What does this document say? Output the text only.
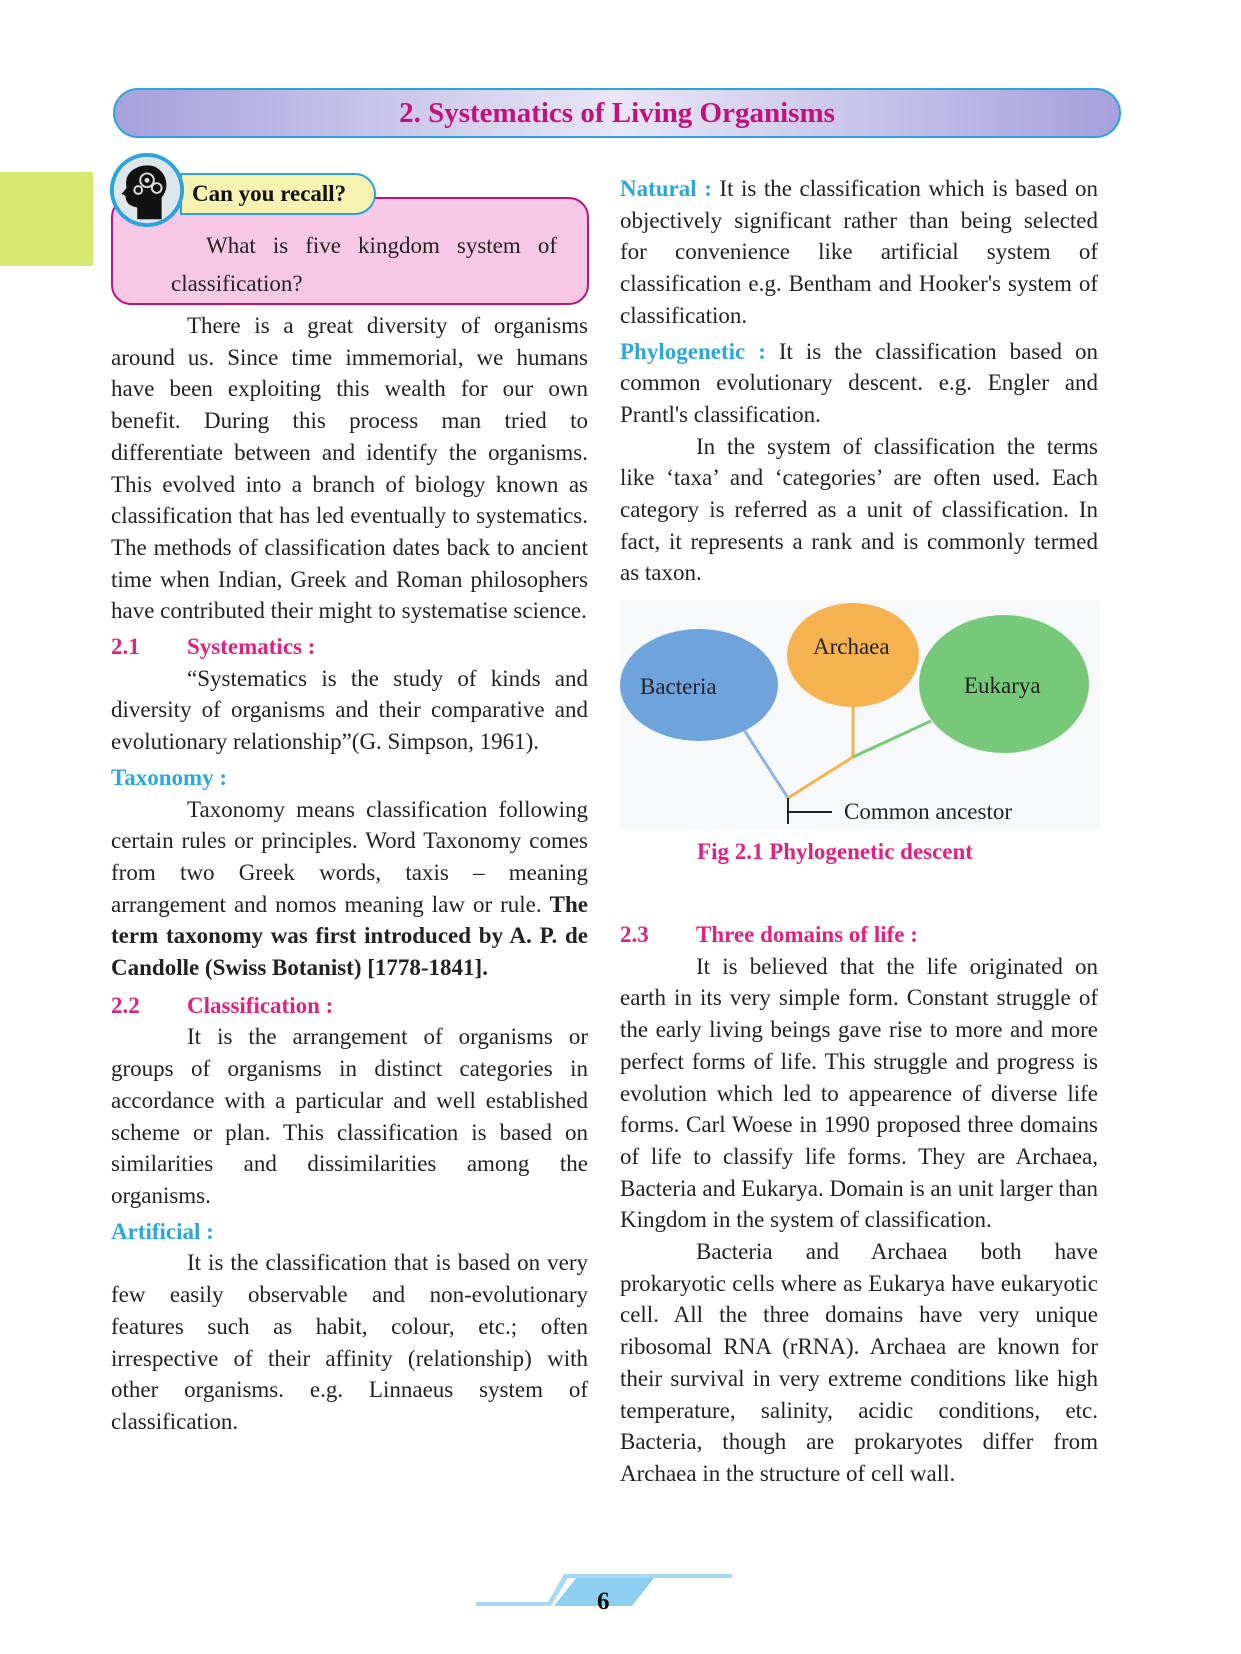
2. Systematics of Living Organisms
What is five kingdom system of classification?
Can you recall?

There is a great diversity of organisms around us. Since time immemorial, we humans have been exploiting this wealth for our own benefit. During this process man tried to differentiate between and identify the organisms. This evolved into a branch of biology known as classification that has led eventually to systematics. The methods of classification dates back to ancient time when Indian, Greek and Roman philosophers have contributed their might to systematise science.

2.1 Systematics :

“Systematics is the study of kinds and diversity of organisms and their comparative and evolutionary relationship”(G. Simpson, 1961).

Taxonomy :

Taxonomy means classification following certain rules or principles. Word Taxonomy comes from two Greek words, taxis – meaning arrangement and nomos meaning law or rule. The term taxonomy was first introduced by A. P. de Candolle (Swiss Botanist) [1778-1841].

2.2 Classification :

It is the arrangement of organisms or groups of organisms in distinct categories in accordance with a particular and well established scheme or plan. This classification is based on similarities and dissimilarities among the organisms.

Artificial :

It is the classification that is based on very few easily observable and non-evolutionary features such as habit, colour, etc.; often irrespective of their affinity (relationship) with other organisms. e.g. Linnaeus system of classification.

Natural : It is the classification which is based on objectively significant rather than being selected for convenience like artificial system of classification e.g. Bentham and Hooker's system of classification.

Phylogenetic : It is the classification based on common evolutionary descent. e.g. Engler and Prantl's classification.

In the system of classification the terms like ‘taxa’ and ‘categories’ are often used. Each category is referred as a unit of classification. In fact, it represents a rank and is commonly termed as taxon.

Bacteria
Archaea
Eukarya
Common ancestor
Fig 2.1 Phylogenetic descent

2.3 Three domains of life :

It is believed that the life originated on earth in its very simple form. Constant struggle of the early living beings gave rise to more and more perfect forms of life. This struggle and progress is evolution which led to appearence of diverse life forms. Carl Woese in 1990 proposed three domains of life to classify life forms. They are Archaea, Bacteria and Eukarya. Domain is an unit larger than Kingdom in the system of classification.

Bacteria and Archaea both have prokaryotic cells where as Eukarya have eukaryotic cell. All the three domains have very unique ribosomal RNA (rRNA). Archaea are known for their survival in very extreme conditions like high temperature, salinity, acidic conditions, etc. Bacteria, though are prokaryotes differ from Archaea in the structure of cell wall.

6
